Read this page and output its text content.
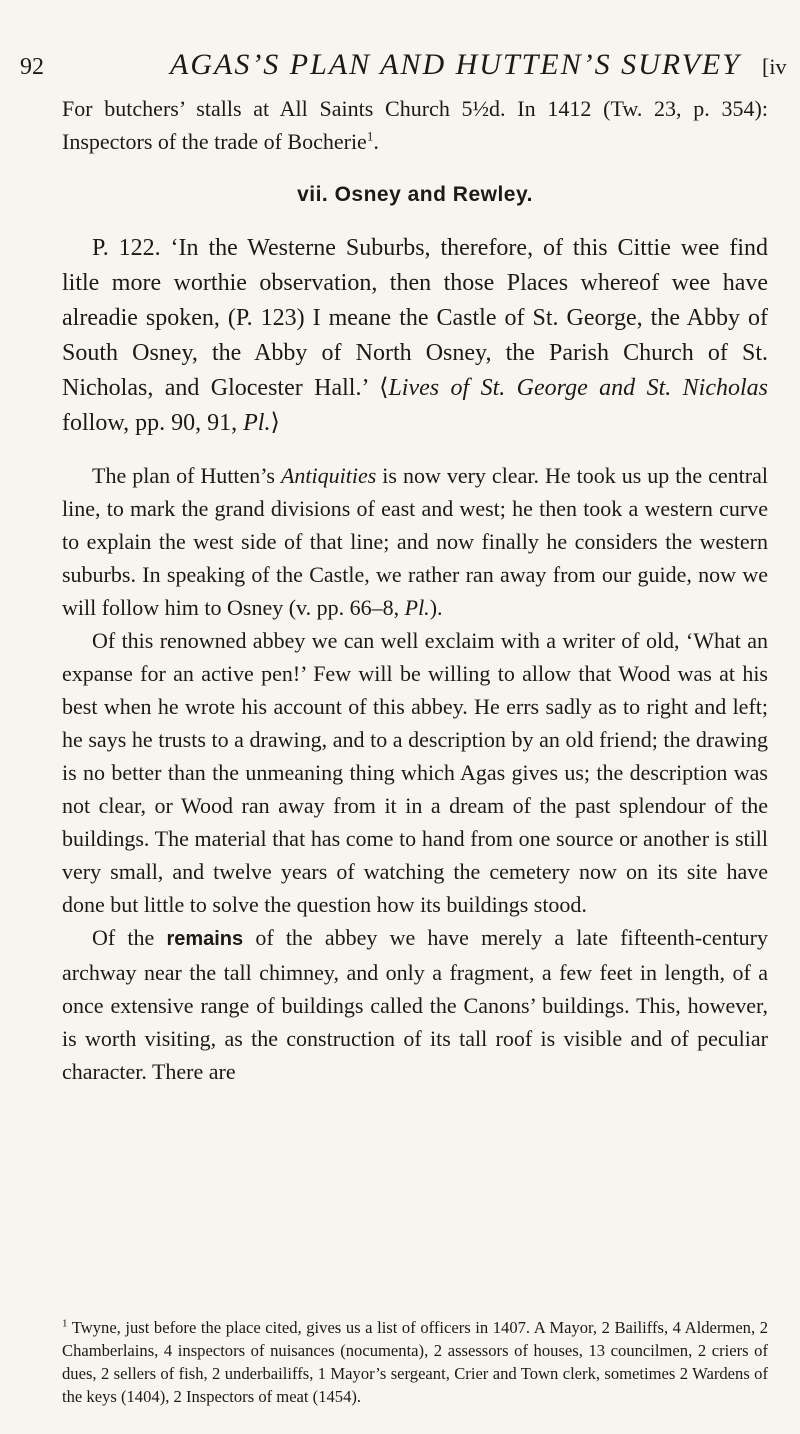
92	AGAS’S PLAN AND HUTTEN’S SURVEY [iv

For butchers’ stalls at All Saints Church 5½d. In 1412 (Tw. 23, p. 354): Inspectors of the trade of Bocherie$^1$.

vii. Osney and Rewley.

P. 122. ‘In the Westerne Suburbs, therefore, of this Cittie wee find litle more worthie observation, then those Places whereof wee have alreadie spoken, (P. 123) I meane the Castle of St. George, the Abby of South Osney, the Abby of North Osney, the Parish Church of St. Nicholas, and Glocester Hall.’ ⟨Lives of St. George and St. Nicholas follow, pp. 90, 91, Pl.⟩

The plan of Hutten’s Antiquities is now very clear. He took us up the central line, to mark the grand divisions of east and west; he then took a western curve to explain the west side of that line; and now finally he considers the western suburbs. In speaking of the Castle, we rather ran away from our guide, now we will follow him to Osney (v. pp. 66–8, Pl.).

Of this renowned abbey we can well exclaim with a writer of old, ‘What an expanse for an active pen!’ Few will be willing to allow that Wood was at his best when he wrote his account of this abbey. He errs sadly as to right and left; he says he trusts to a drawing, and to a description by an old friend; the drawing is no better than the unmeaning thing which Agas gives us; the description was not clear, or Wood ran away from it in a dream of the past splendour of the buildings. The material that has come to hand from one source or another is still very small, and twelve years of watching the cemetery now on its site have done but little to solve the question how its buildings stood.

Of the remains of the abbey we have merely a late fifteenth-century archway near the tall chimney, and only a fragment, a few feet in length, of a once extensive range of buildings called the Canons’ buildings. This, however, is worth visiting, as the construction of its tall roof is visible and of peculiar character. There are

$^1$ Twyne, just before the place cited, gives us a list of officers in 1407. A Mayor, 2 Bailiffs, 4 Aldermen, 2 Chamberlains, 4 inspectors of nuisances (nocumenta), 2 assessors of houses, 13 councilmen, 2 criers of dues, 2 sellers of fish, 2 underbailiffs, 1 Mayor’s sergeant, Crier and Town clerk, sometimes 2 Wardens of the keys (1404), 2 Inspectors of meat (1454).
